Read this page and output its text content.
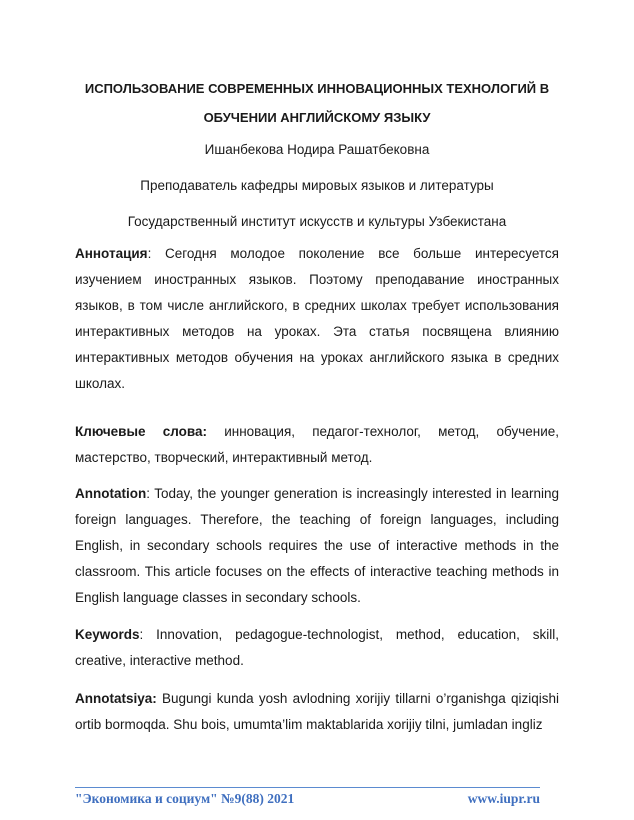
ИСПОЛЬЗОВАНИЕ СОВРЕМЕННЫХ ИННОВАЦИОННЫХ ТЕХНОЛОГИЙ В
ОБУЧЕНИИ АНГЛИЙСКОМУ ЯЗЫКУ
Ишанбекова Нодира Рашатбековна
Преподаватель кафедры мировых языков и литературы
Государственный институт искусств и культуры Узбекистана

Аннотация: Сегодня молодое поколение все больше интересуется изучением иностранных языков. Поэтому преподавание иностранных языков, в том числе английского, в средних школах требует использования интерактивных методов на уроках. Эта статья посвящена влиянию интерактивных методов обучения на уроках английского языка в средних школах.

Ключевые слова: инновация, педагог-технолог, метод, обучение, мастерство, творческий, интерактивный метод.

Annotation: Today, the younger generation is increasingly interested in learning foreign languages. Therefore, the teaching of foreign languages, including English, in secondary schools requires the use of interactive methods in the classroom. This article focuses on the effects of interactive teaching methods in English language classes in secondary schools.

Keywords: Innovation, pedagogue-technologist, method, education, skill, creative, interactive method.

Annotatsiya: Bugungi kunda yosh avlodning xorijiy tillarni o’rganishga qiziqishi ortib bormoqda. Shu bois, umumta’lim maktablarida xorijiy tilni, jumladan ingliz

"Экономика и социум" №9(88) 2021	www.iupr.ru
